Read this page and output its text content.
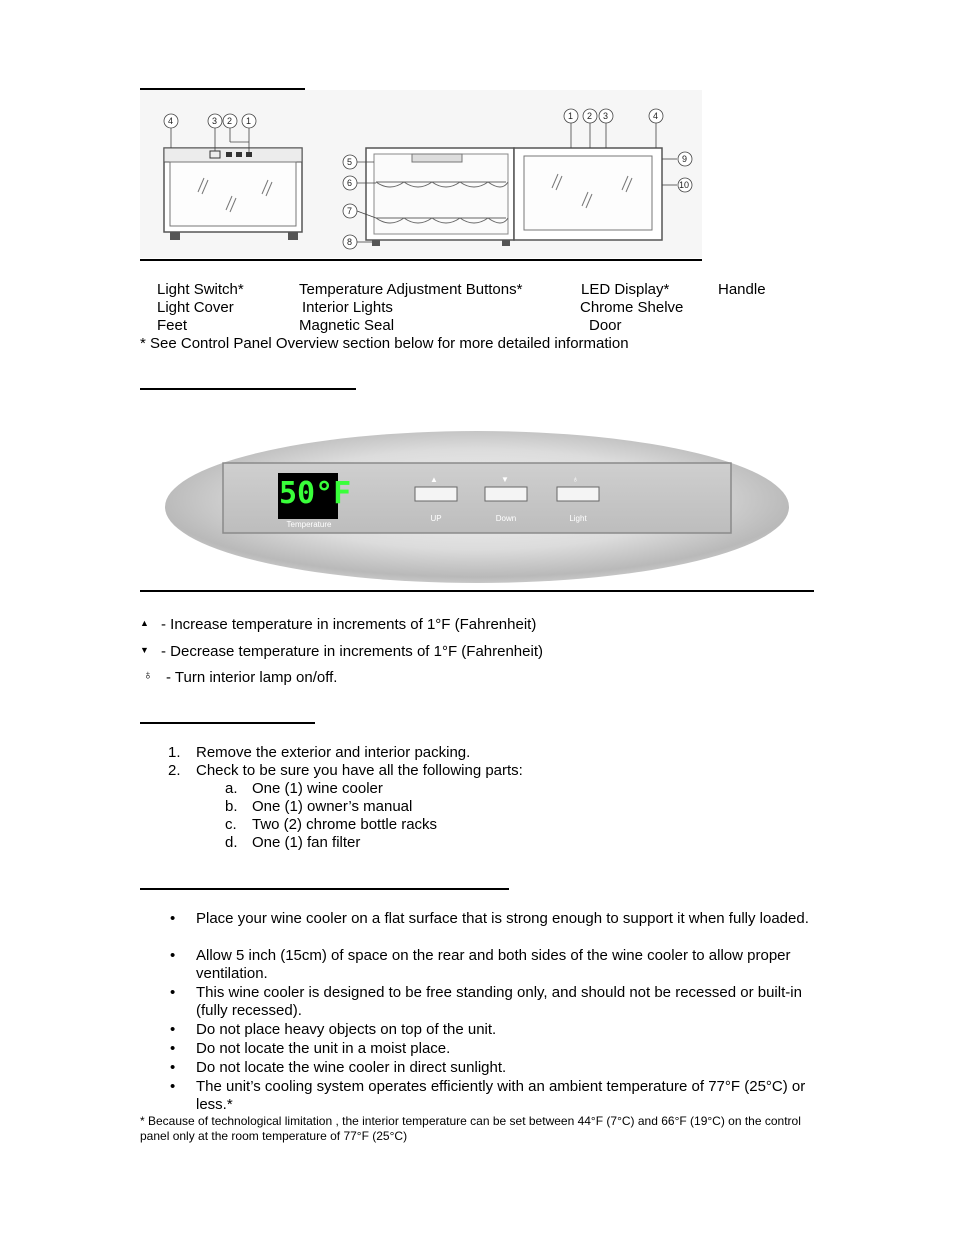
4	3 2 1
5
6
7
8
1 2 3	4
9
10
Light Switch*	Temperature Adjustment Buttons*	LED Display*	Handle
Light Cover	Interior Lights	Chrome Shelve
Feet	Magnetic Seal	Door
* See Control Panel Overview section below for more detailed information
50°F
Temperature
▲
UP
▼
Down
♁
Light
▲ - Increase temperature in increments of 1°F (Fahrenheit)
▼ - Decrease temperature in increments of 1°F (Fahrenheit)
♁ - Turn interior lamp on/off.
1. Remove the exterior and interior packing.
2. Check to be sure you have all the following parts:
a. One (1) wine cooler
b. One (1) owner’s manual
c. Two (2) chrome bottle racks
d. One (1) fan filter
• Place your wine cooler on a flat surface that is strong enough to support it when fully loaded.
• Allow 5 inch (15cm) of space on the rear and both sides of the wine cooler to allow proper ventilation.
• This wine cooler is designed to be free standing only, and should not be recessed or built-in (fully recessed).
• Do not place heavy objects on top of the unit.
• Do not locate the unit in a moist place.
• Do not locate the wine cooler in direct sunlight.
• The unit’s cooling system operates efficiently with an ambient temperature of 77°F (25°C) or less.*
* Because of technological limitation , the interior temperature can be set between 44°F (7°C) and 66°F (19°C) on the control panel only at the room temperature of 77°F (25°C)
